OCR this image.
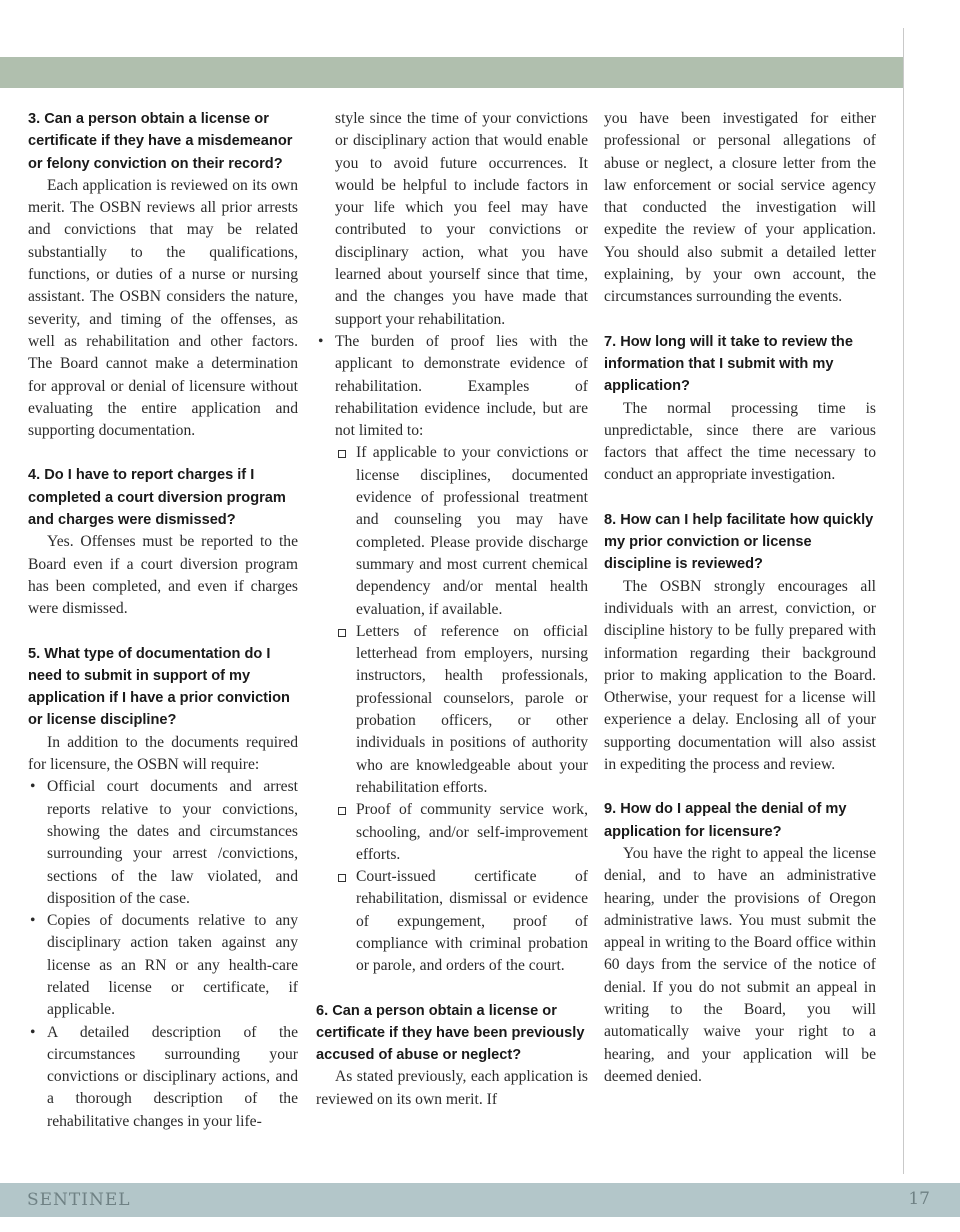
3. Can a person obtain a license or certificate if they have a misdemeanor or felony conviction on their record?

Each application is reviewed on its own merit. The OSBN reviews all prior arrests and convictions that may be related substantially to the qualifications, functions, or duties of a nurse or nursing assistant. The OSBN considers the nature, severity, and timing of the offenses, as well as rehabilitation and other factors. The Board cannot make a determination for approval or denial of licensure without evaluating the entire application and supporting documentation.

4. Do I have to report charges if I completed a court diversion program and charges were dismissed?

Yes. Offenses must be reported to the Board even if a court diversion program has been completed, and even if charges were dismissed.

5. What type of documentation do I need to submit in support of my application if I have a prior conviction or license discipline?

In addition to the documents required for licensure, the OSBN will require:

• Official court documents and arrest reports relative to your convictions, showing the dates and circumstances surrounding your arrest /convictions, sections of the law violated, and disposition of the case.
• Copies of documents relative to any disciplinary action taken against any license as an RN or any health-care related license or certificate, if applicable.
• A detailed description of the circumstances surrounding your convictions or disciplinary actions, and a thorough description of the rehabilitative changes in your life-

style since the time of your convictions or disciplinary action that would enable you to avoid future occurrences. It would be helpful to include factors in your life which you feel may have contributed to your convictions or disciplinary action, what you have learned about yourself since that time, and the changes you have made that support your rehabilitation.

• The burden of proof lies with the applicant to demonstrate evidence of rehabilitation. Examples of rehabilitation evidence include, but are not limited to:
If applicable to your convictions or license disciplines, documented evidence of professional treatment and counseling you may have completed. Please provide discharge summary and most current chemical dependency and/or mental health evaluation, if available.
Letters of reference on official letterhead from employers, nursing instructors, health professionals, professional counselors, parole or probation officers, or other individuals in positions of authority who are knowledgeable about your rehabilitation efforts.
Proof of community service work, schooling, and/or self-improvement efforts.
Court-issued certificate of rehabilitation, dismissal or evidence of expungement, proof of compliance with criminal probation or parole, and orders of the court.
6. Can a person obtain a license or certificate if they have been previously accused of abuse or neglect?

As stated previously, each application is reviewed on its own merit. If

you have been investigated for either professional or personal allegations of abuse or neglect, a closure letter from the law enforcement or social service agency that conducted the investigation will expedite the review of your application. You should also submit a detailed letter explaining, by your own account, the circumstances surrounding the events.

7. How long will it take to review the information that I submit with my application?

The normal processing time is unpredictable, since there are various factors that affect the time necessary to conduct an appropriate investigation.

8. How can I help facilitate how quickly my prior conviction or license discipline is reviewed?

The OSBN strongly encourages all individuals with an arrest, conviction, or discipline history to be fully prepared with information regarding their background prior to making application to the Board. Otherwise, your request for a license will experience a delay. Enclosing all of your supporting documentation will also assist in expediting the process and review.

9. How do I appeal the denial of my application for licensure?

You have the right to appeal the license denial, and to have an administrative hearing, under the provisions of Oregon administrative laws. You must submit the appeal in writing to the Board office within 60 days from the service of the notice of denial. If you do not submit an appeal in writing to the Board, you will automatically waive your right to a hearing, and your application will be deemed denied.

SENTINEL	17
